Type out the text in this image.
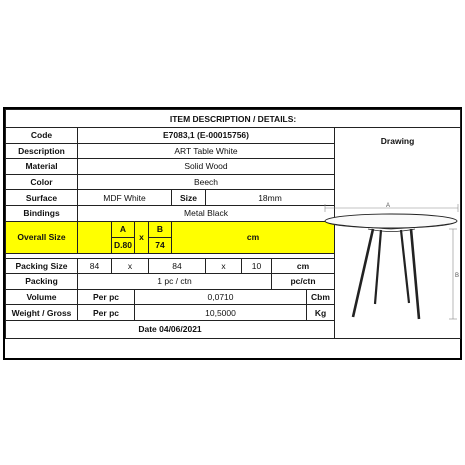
ITEM DESCRIPTION / DETAILS:										
Code	E7083,1 (E-00015756)									Drawing

Description	ART Table White									
Material	Solid Wood									
Color	Beech									
Surface	MDF White				Size	18mm				
Bindings	Metal Black									
Overall Size		A	x	B	cm					
		D.80		74						

Packing Size	84	x		84		x	10	cm		
Packing	1 pc / ctn							pc/ctn		
Volume	Per pc		0,0710						Cbm	
Weight / Gross	Per pc		10,5000						Kg	
Date 04/06/2021										
A
B
